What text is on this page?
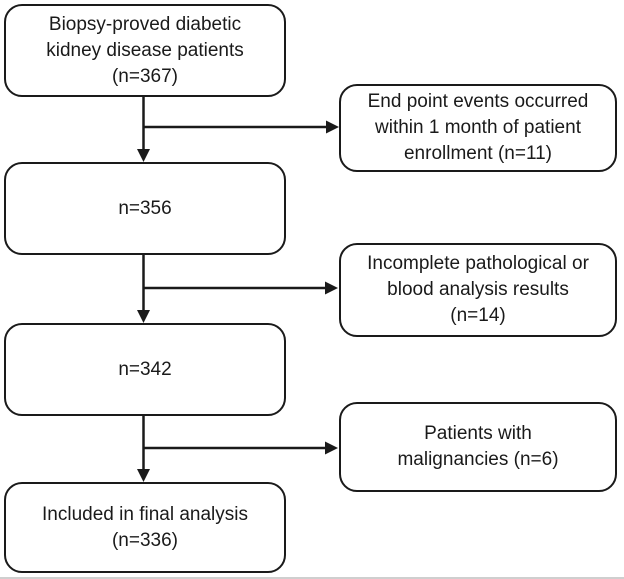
Biopsy-proved diabetic
kidney disease patients
(n=367)
n=356
n=342
Included in final analysis
(n=336)
End point events occurred
within 1 month of patient
enrollment (n=11)
Incomplete pathological or
blood analysis results
(n=14)
Patients with
malignancies (n=6)
